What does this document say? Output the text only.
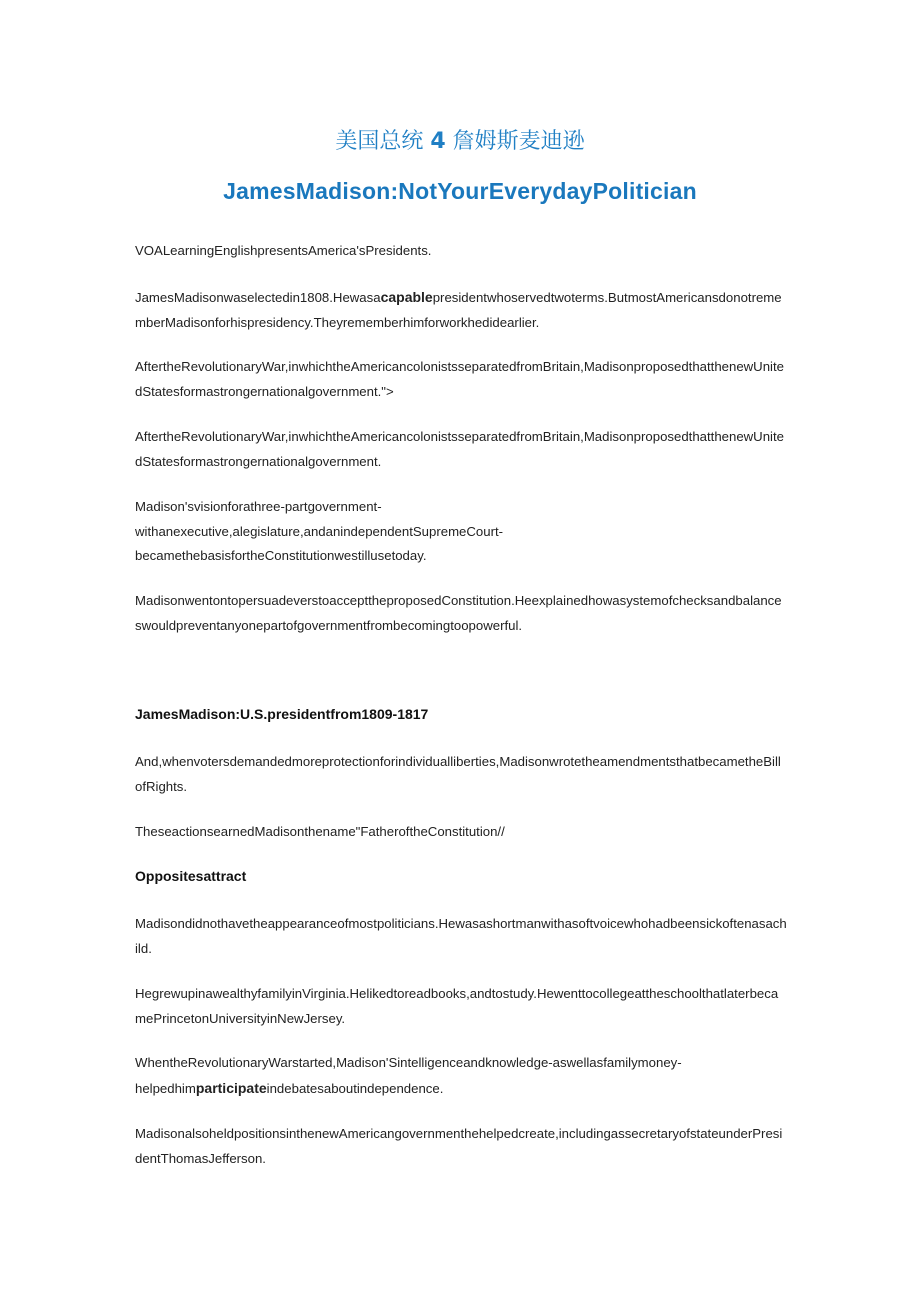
美国总统 4 詹姆斯麦迪逊
JamesMadison:NotYourEverydayPolitician
VOALearningEnglishpresentsAmerica'sPresidents.
JamesMadisonwaselectedin1808.Hewasacapablepresidentwhoservedtwoterms.ButmostAmericansdonotrememberMadisonforhispresidency.Theyrememberhimforworkhedidearlier.
AftertheRevolutionaryWar,inwhichtheAmericancolonistsseparatedfromBritain,MadisonproposedthatthenewUnitedStatesformastrongernationalgovernment.">
AftertheRevolutionaryWar,inwhichtheAmericancolonistsseparatedfromBritain,MadisonproposedthatthenewUnitedStatesformastrongernationalgovernment.
Madison'svisionforathree-partgovernment-
withanexecutive,alegislature,andanindependentSupremeCourt-
becamethebasisfortheConstitutionwestillusetoday.
MadisonwentontopersuadeverstoaccepttheproposedConstitution.Heexplainedhowasystemofchecksandbalanceswouldpreventanyonepartofgovernmentfrombecomingtoopowerful.
JamesMadison:U.S.presidentfrom1809-1817
And,whenvotersdemandedmoreprotectionforindividualliberties,MadisonwrotetheamendmentsthatbecametheBillofRights.
TheseactionsearnedMadisonthename"FatheroftheConstitution//
Oppositesattract
Madisondidnothavetheappearanceofmostpoliticians.Hewasashortmanwithasoftvoicewhohadbeensickoftenasachild.
HegrewupinawealthyfamilyinVirginia.Helikedtoreadbooks,andtostudy.HewenttocollegeattheschoolthatlaterbecamePrincetonUniversityinNewJersey.
WhentheRevolutionaryWarstarted,Madison'Sintelligenceandknowledge-aswellasfamilymoney-
helpedhimparticipateindebatesaboutindependence.
MadisonalsoheldpositionsinthenewAmericangovernmenthehelpedcreate,includingassecretaryofstateunderPresidentThomasJefferson.
